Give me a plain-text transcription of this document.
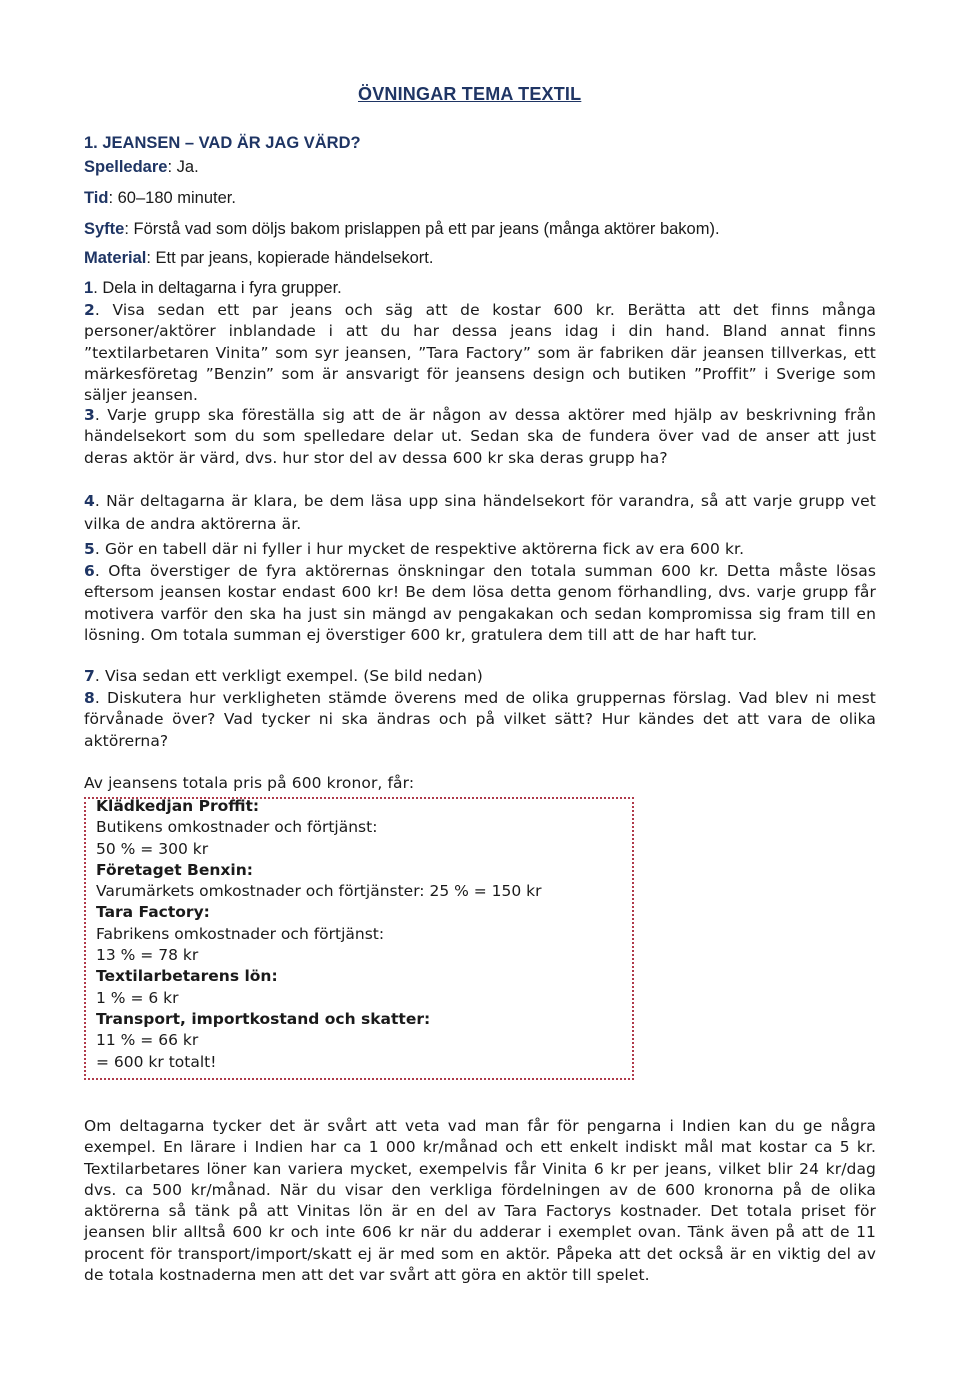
ÖVNINGAR TEMA TEXTIL

1. JEANSEN – VAD ÄR JAG VÄRD?

Spelledare: Ja.

Tid: 60–180 minuter.

Syfte: Förstå vad som döljs bakom prislappen på ett par jeans (många aktörer bakom).

Material: Ett par jeans, kopierade händelsekort.

1. Dela in deltagarna i fyra grupper.

2. Visa sedan ett par jeans och säg att de kostar 600 kr. Berätta att det finns många personer/aktörer inblandade i att du har dessa jeans idag i din hand. Bland annat finns ”textilarbetaren Vinita” som syr jeansen, ”Tara Factory” som är fabriken där jeansen tillverkas, ett märkesföretag ”Benzin” som är ansvarigt för jeansens design och butiken ”Proffit” i Sverige som säljer jeansen.

3. Varje grupp ska föreställa sig att de är någon av dessa aktörer med hjälp av beskrivning från händelsekort som du som spelledare delar ut. Sedan ska de fundera över vad de anser att just deras aktör är värd, dvs. hur stor del av dessa 600 kr ska deras grupp ha?

4. När deltagarna är klara, be dem läsa upp sina händelsekort för varandra, så att varje grupp vet vilka de andra aktörerna är.

5. Gör en tabell där ni fyller i hur mycket de respektive aktörerna fick av era 600 kr.

6. Ofta överstiger de fyra aktörernas önskningar den totala summan 600 kr. Detta måste lösas eftersom jeansen kostar endast 600 kr! Be dem lösa detta genom förhandling, dvs. varje grupp får motivera varför den ska ha just sin mängd av pengakakan och sedan kompromissa sig fram till en lösning. Om totala summan ej överstiger 600 kr, gratulera dem till att de har haft tur.

7. Visa sedan ett verkligt exempel. (Se bild nedan)

8. Diskutera hur verkligheten stämde överens med de olika gruppernas förslag. Vad blev ni mest förvånade över? Vad tycker ni ska ändras och på vilket sätt? Hur kändes det att vara de olika aktörerna?

Av jeansens totala pris på 600 kronor, får:

Klädkedjan Proffit:
Butikens omkostnader och förtjänst:
50 % = 300 kr
Företaget Benxin:
Varumärkets omkostnader och förtjänster: 25 % = 150 kr
Tara Factory:
Fabrikens omkostnader och förtjänst:
13 % = 78 kr
Textilarbetarens lön:
1 % = 6 kr
Transport, importkostand och skatter:
11 % = 66 kr
= 600 kr totalt!

Om deltagarna tycker det är svårt att veta vad man får för pengarna i Indien kan du ge några exempel. En lärare i Indien har ca 1 000 kr/månad och ett enkelt indiskt mål mat kostar ca 5 kr. Textilarbetares löner kan variera mycket, exempelvis får Vinita 6 kr per jeans, vilket blir 24 kr/dag dvs. ca 500 kr/månad. När du visar den verkliga fördelningen av de 600 kronorna på de olika aktörerna så tänk på att Vinitas lön är en del av Tara Factorys kostnader. Det totala priset för jeansen blir alltså 600 kr och inte 606 kr när du adderar i exemplet ovan. Tänk även på att de 11 procent för transport/import/skatt ej är med som en aktör. Påpeka att det också är en viktig del av de totala kostnaderna men att det var svårt att göra en aktör till spelet.
